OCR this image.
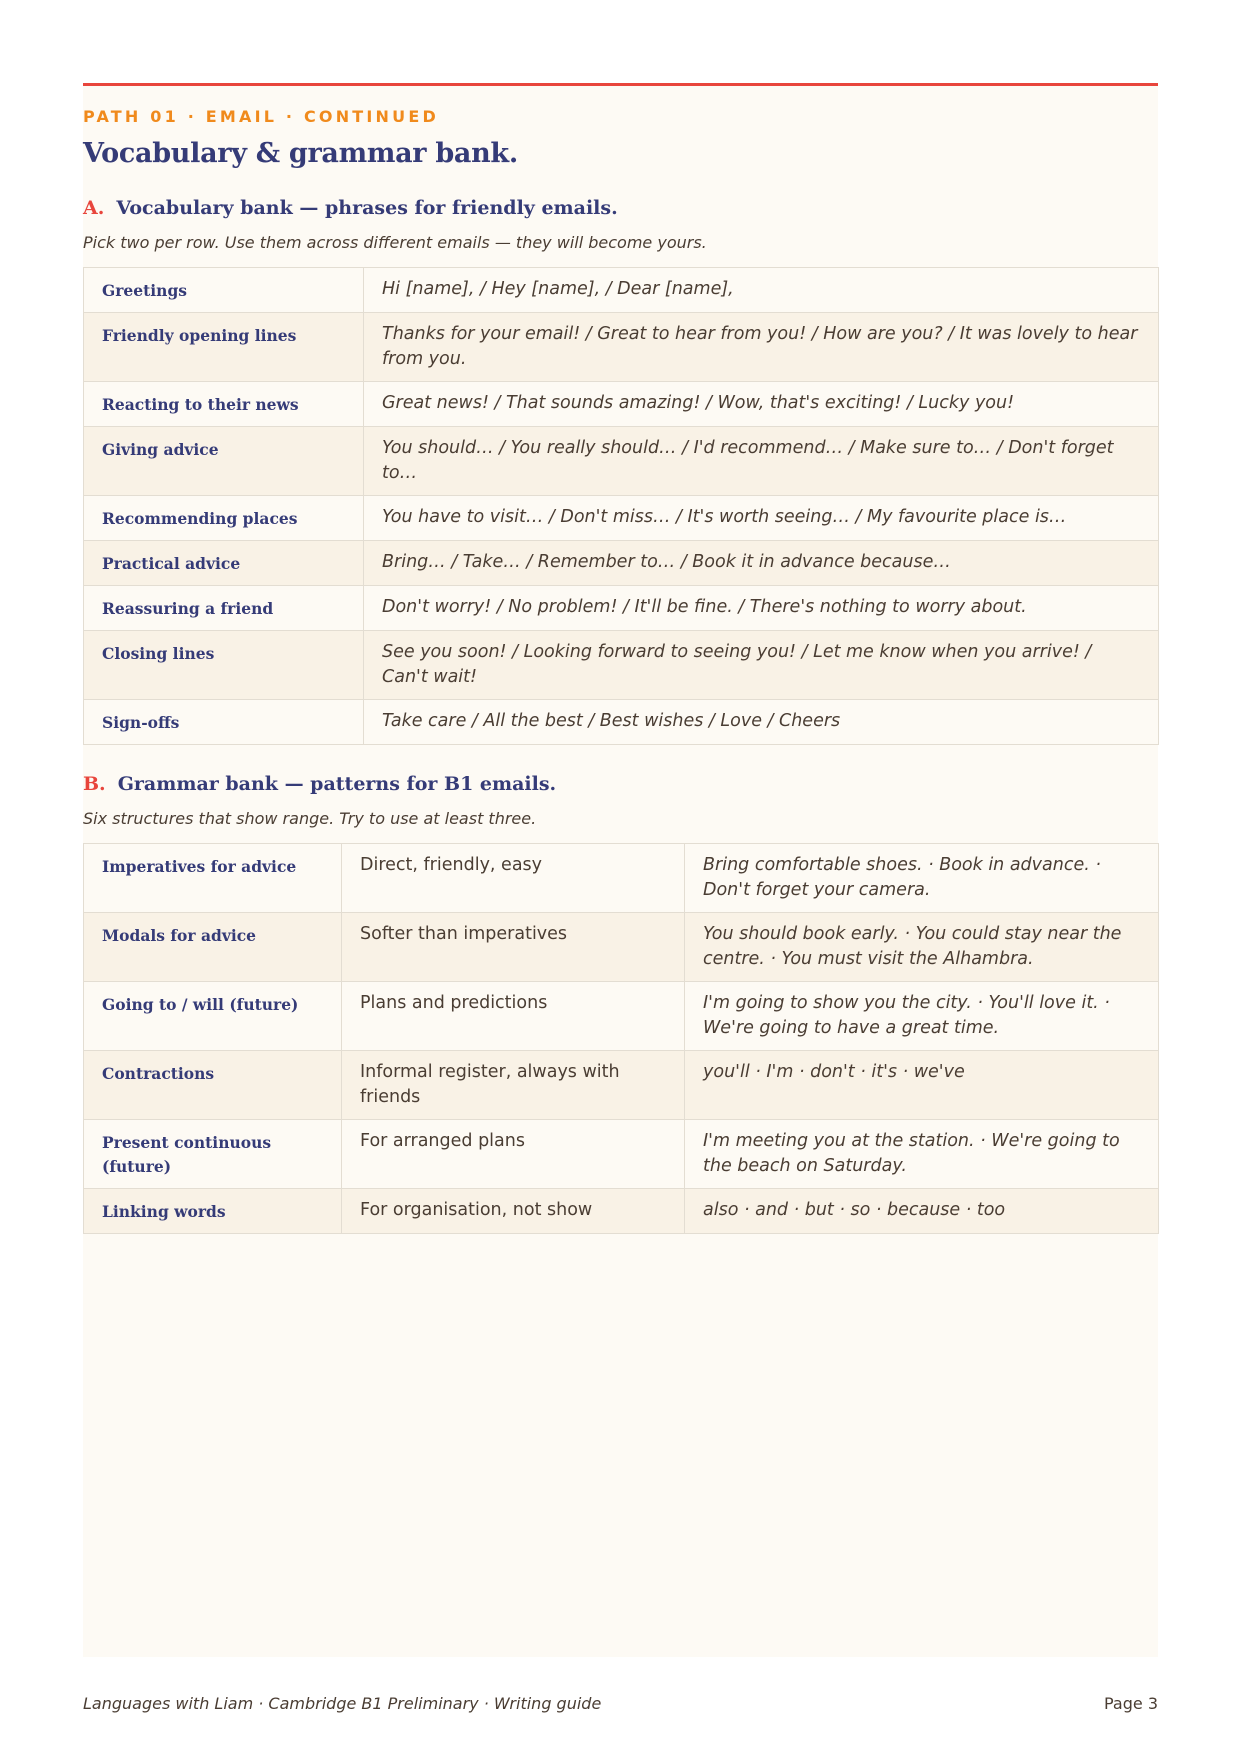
PATH 01 · EMAIL · CONTINUED
Vocabulary & grammar bank.
A. Vocabulary bank — phrases for friendly emails.
Pick two per row. Use them across different emails — they will become yours.
Greetings	Hi [name], / Hey [name], / Dear [name],
Friendly opening lines	Thanks for your email! / Great to hear from you! / How are you? / It was lovely to hear from you.
Reacting to their news	Great news! / That sounds amazing! / Wow, that's exciting! / Lucky you!
Giving advice	You should… / You really should… / I'd recommend… / Make sure to… / Don't forget to…
Recommending places	You have to visit… / Don't miss… / It's worth seeing… / My favourite place is…
Practical advice	Bring… / Take… / Remember to… / Book it in advance because…
Reassuring a friend	Don't worry! / No problem! / It'll be fine. / There's nothing to worry about.
Closing lines	See you soon! / Looking forward to seeing you! / Let me know when you arrive! / Can't wait!
Sign-offs	Take care / All the best / Best wishes / Love / Cheers
B. Grammar bank — patterns for B1 emails.
Six structures that show range. Try to use at least three.
Imperatives for advice	Direct, friendly, easy	Bring comfortable shoes. · Book in advance. · Don't forget your camera.
Modals for advice	Softer than imperatives	You should book early. · You could stay near the centre. · You must visit the Alhambra.
Going to / will (future)	Plans and predictions	I'm going to show you the city. · You'll love it. · We're going to have a great time.
Contractions	Informal register, always with friends	you'll · I'm · don't · it's · we've
Present continuous (future)	For arranged plans	I'm meeting you at the station. · We're going to the beach on Saturday.
Linking words	For organisation, not show	also · and · but · so · because · too
Languages with Liam · Cambridge B1 Preliminary · Writing guide	Page 3
